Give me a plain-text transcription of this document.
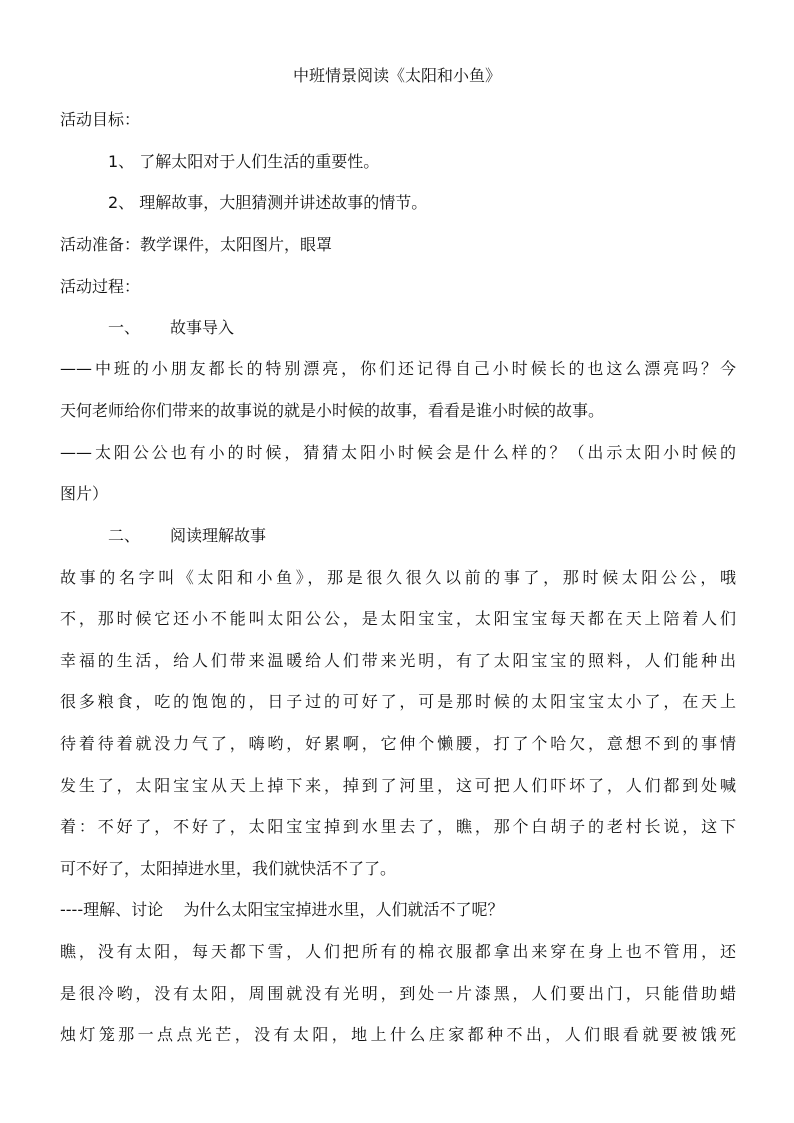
中班情景阅读《太阳和小鱼》
活动目标：
1、 了解太阳对于人们生活的重要性。
2、 理解故事，大胆猜测并讲述故事的情节。
活动准备：教学课件，太阳图片，眼罩
活动过程：
一、 故事导入
——中班的小朋友都长的特别漂亮，你们还记得自己小时候长的也这么漂亮吗？今
天何老师给你们带来的故事说的就是小时候的故事，看看是谁小时候的故事。
——太阳公公也有小的时候，猜猜太阳小时候会是什么样的？（出示太阳小时候的
图片）
二、 阅读理解故事
故事的名字叫《太阳和小鱼》，那是很久很久以前的事了，那时候太阳公公，哦
不，那时候它还小不能叫太阳公公，是太阳宝宝，太阳宝宝每天都在天上陪着人们
幸福的生活，给人们带来温暖给人们带来光明，有了太阳宝宝的照料，人们能种出
很多粮食，吃的饱饱的，日子过的可好了，可是那时候的太阳宝宝太小了，在天上
待着待着就没力气了，嗨哟，好累啊，它伸个懒腰，打了个哈欠，意想不到的事情
发生了，太阳宝宝从天上掉下来，掉到了河里，这可把人们吓坏了，人们都到处喊
着：不好了，不好了，太阳宝宝掉到水里去了，瞧，那个白胡子的老村长说，这下
可不好了，太阳掉进水里，我们就快活不了了。
----理解、讨论    为什么太阳宝宝掉进水里，人们就活不了呢？
瞧，没有太阳，每天都下雪，人们把所有的棉衣服都拿出来穿在身上也不管用，还
是很冷哟，没有太阳，周围就没有光明，到处一片漆黑，人们要出门，只能借助蜡
烛灯笼那一点点光芒，没有太阳，地上什么庄家都种不出，人们眼看就要被饿死
